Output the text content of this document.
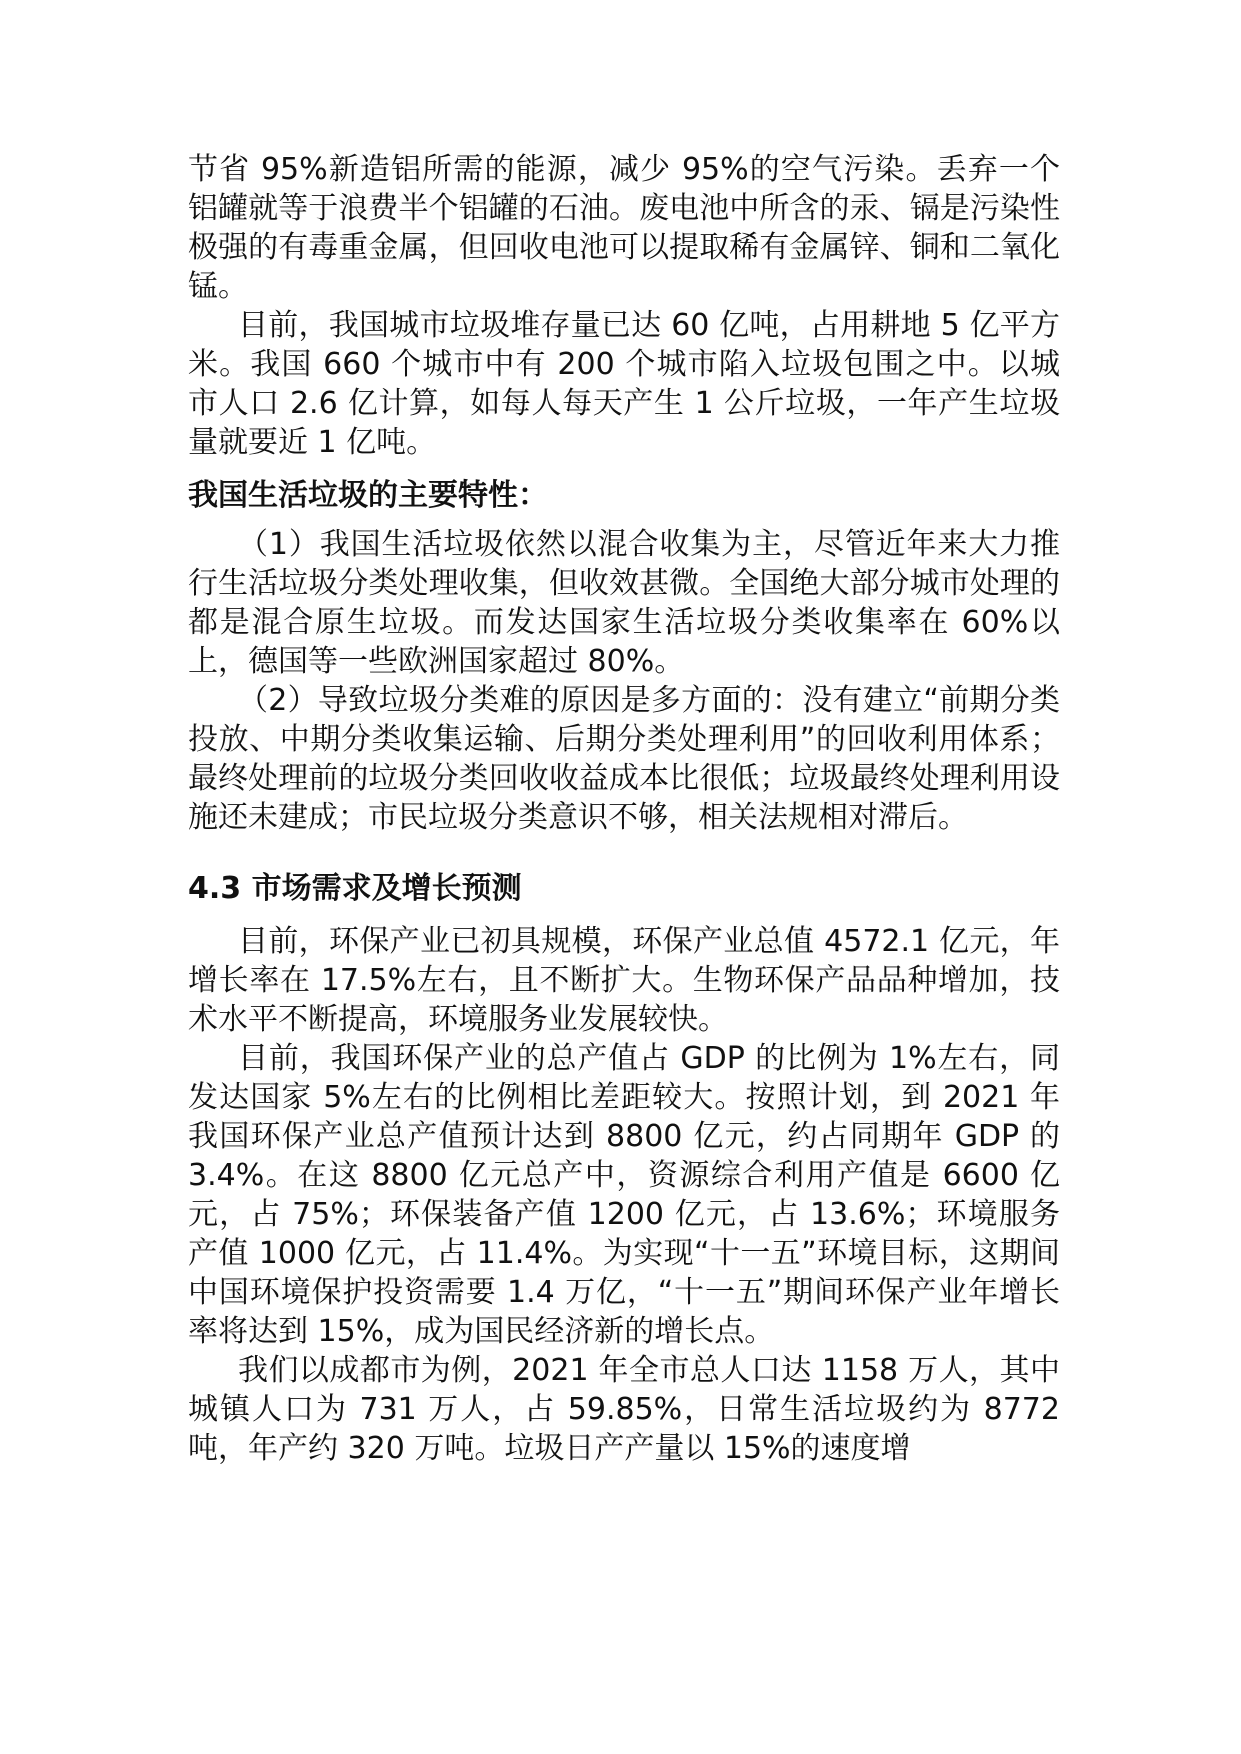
节省 95%新造铝所需的能源，减少 95%的空气污染。丢弃一个铝罐就等于浪费半个铝罐的石油。废电池中所含的汞、镉是污染性极强的有毒重金属，但回收电池可以提取稀有金属锌、铜和二氧化锰。

目前，我国城市垃圾堆存量已达 60 亿吨，占用耕地 5 亿平方米。我国 660 个城市中有 200 个城市陷入垃圾包围之中。以城市人口 2.6 亿计算，如每人每天产生 1 公斤垃圾，一年产生垃圾量就要近 1 亿吨。

我国生活垃圾的主要特性：

（1）我国生活垃圾依然以混合收集为主，尽管近年来大力推行生活垃圾分类处理收集，但收效甚微。全国绝大部分城市处理的都是混合原生垃圾。而发达国家生活垃圾分类收集率在 60%以上，德国等一些欧洲国家超过 80%。

（2）导致垃圾分类难的原因是多方面的：没有建立“前期分类投放、中期分类收集运输、后期分类处理利用”的回收利用体系；最终处理前的垃圾分类回收收益成本比很低；垃圾最终处理利用设施还未建成；市民垃圾分类意识不够，相关法规相对滞后。

4.3 市场需求及增长预测

目前，环保产业已初具规模，环保产业总值 4572.1 亿元，年增长率在 17.5%左右，且不断扩大。生物环保产品品种增加，技术水平不断提高，环境服务业发展较快。

目前，我国环保产业的总产值占 GDP 的比例为 1%左右，同发达国家 5%左右的比例相比差距较大。按照计划，到 2021 年我国环保产业总产值预计达到 8800 亿元，约占同期年 GDP 的 3.4%。在这 8800 亿元总产中，资源综合利用产值是 6600 亿元，占 75%；环保装备产值 1200 亿元，占 13.6%；环境服务产值 1000 亿元，占 11.4%。为实现“十一五”环境目标，这期间中国环境保护投资需要 1.4 万亿，“十一五”期间环保产业年增长率将达到 15%，成为国民经济新的增长点。

我们以成都市为例，2021 年全市总人口达 1158 万人，其中城镇人口为 731 万人，占 59.85%，日常生活垃圾约为 8772 吨，年产约 320 万吨。垃圾日产产量以 15%的速度增
